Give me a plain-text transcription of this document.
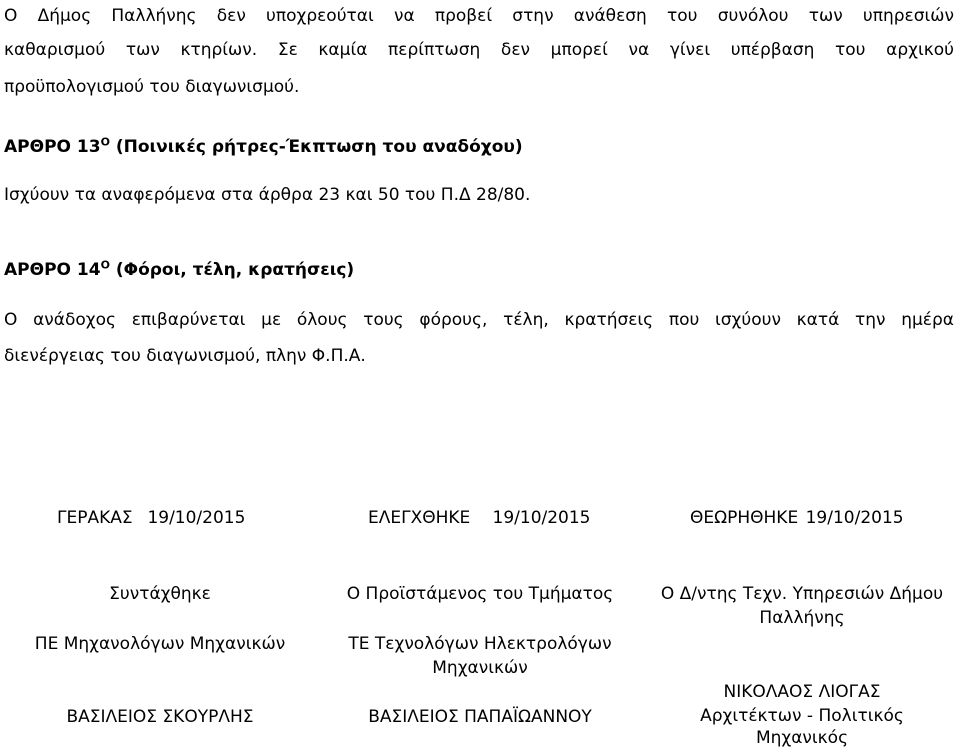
Ο Δήμος Παλλήνης δεν υποχρεούται να προβεί στην ανάθεση του συνόλου των υπηρεσιών
καθαρισμού των κτηρίων. Σε καμία περίπτωση δεν μπορεί να γίνει υπέρβαση του αρχικού
προϋπολογισμού του διαγωνισμού.
ΑΡΘΡΟ $13^O$ (Ποινικές ρήτρες-Έκπτωση του αναδόχου)
Ισχύουν τα αναφερόμενα στα άρθρα 23 και 50 του Π.Δ 28/80.
ΑΡΘΡΟ $14^O$ (Φόροι, τέλη, κρατήσεις)
Ο ανάδοχος επιβαρύνεται με όλους τους φόρους, τέλη, κρατήσεις που ισχύουν κατά την ημέρα
διενέργειας του διαγωνισμού, πλην Φ.Π.Α.
ΓΕΡΑΚΑΣ 19/10/2015	ΕΛΕΓΧΘΗΚΕ 19/10/2015	ΘΕΩΡΗΘΗΚΕ 19/10/2015
Συντάχθηκε
ΠΕ Μηχανολόγων Μηχανικών
ΒΑΣΙΛΕΙΟΣ ΣΚΟΥΡΛΗΣ
Ο Προϊστάμενος του Τμήματος
ΤΕ Τεχνολόγων Ηλεκτρολόγων
Μηχανικών
ΒΑΣΙΛΕΙΟΣ ΠΑΠΑΪΩΑΝΝΟΥ
Ο Δ/ντης Τεχν. Υπηρεσιών Δήμου
Παλλήνης
ΝΙΚΟΛΑΟΣ ΛΙΟΓΑΣ
Αρχιτέκτων - Πολιτικός
Μηχανικός
